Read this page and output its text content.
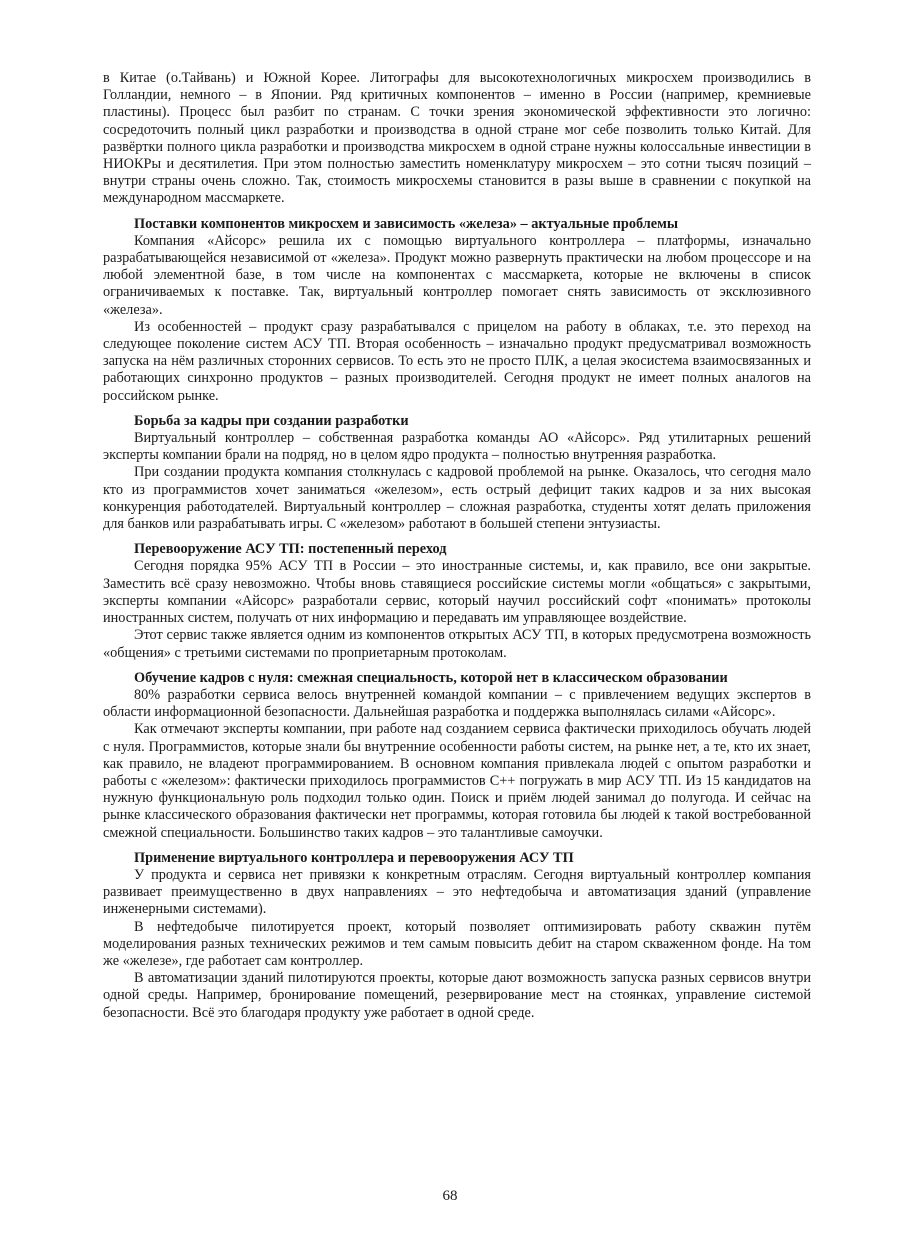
в Китае (о.Тайвань) и Южной Корее. Литографы для высокотехнологичных микросхем производились в Голландии, немного – в Японии. Ряд критичных компонентов – именно в России (например, кремниевые пластины). Процесс был разбит по странам. С точки зрения экономической эффективности это логично: сосредоточить полный цикл разработки и производства в одной стране мог себе позволить только Китай. Для развёртки полного цикла разработки и производства микросхем в одной стране нужны колоссальные инвестиции в НИОКРы и десятилетия. При этом полностью заместить номенклатуру микросхем – это сотни тысяч позиций – внутри страны очень сложно. Так, стоимость микросхемы становится в разы выше в сравнении с покупкой на международном массмаркете.

Поставки компонентов микросхем и зависимость «железа» – актуальные проблемы

Компания «Айсорс» решила их с помощью виртуального контроллера – платформы, изначально разрабатывающейся независимой от «железа». Продукт можно развернуть практически на любом процессоре и на любой элементной базе, в том числе на компонентах с массмаркета, которые не включены в список ограничиваемых к поставке. Так, виртуальный контроллер помогает снять зависимость от эксклюзивного «железа».

Из особенностей – продукт сразу разрабатывался с прицелом на работу в облаках, т.е. это переход на следующее поколение систем АСУ ТП. Вторая особенность – изначально продукт предусматривал возможность запуска на нём различных сторонних сервисов. То есть это не просто ПЛК, а целая экосистема взаимосвязанных и работающих синхронно продуктов – разных производителей. Сегодня продукт не имеет полных аналогов на российском рынке.

Борьба за кадры при создании разработки

Виртуальный контроллер – собственная разработка команды АО «Айсорс». Ряд утилитарных решений эксперты компании брали на подряд, но в целом ядро продукта – полностью внутренняя разработка.

При создании продукта компания столкнулась с кадровой проблемой на рынке. Оказалось, что сегодня мало кто из программистов хочет заниматься «железом», есть острый дефицит таких кадров и за них высокая конкуренция работодателей. Виртуальный контроллер – сложная разработка, студенты хотят делать приложения для банков или разрабатывать игры. С «железом» работают в большей степени энтузиасты.

Перевооружение АСУ ТП: постепенный переход

Сегодня порядка 95% АСУ ТП в России – это иностранные системы, и, как правило, все они закрытые. Заместить всё сразу невозможно. Чтобы вновь ставящиеся российские системы могли «общаться» с закрытыми, эксперты компании «Айсорс» разработали сервис, который научил российский софт «понимать» протоколы иностранных систем, получать от них информацию и передавать им управляющее воздействие.

Этот сервис также является одним из компонентов открытых АСУ ТП, в которых предусмотрена возможность «общения» с третьими системами по проприетарным протоколам.

Обучение кадров с нуля: смежная специальность, которой нет в классическом образовании

80% разработки сервиса велось внутренней командой компании – с привлечением ведущих экспертов в области информационной безопасности. Дальнейшая разработка и поддержка выполнялась силами «Айсорс».

Как отмечают эксперты компании, при работе над созданием сервиса фактически приходилось обучать людей с нуля. Программистов, которые знали бы внутренние особенности работы систем, на рынке нет, а те, кто их знает, как правило, не владеют программированием. В основном компания привлекала людей с опытом разработки и работы с «железом»: фактически приходилось программистов C++ погружать в мир АСУ ТП. Из 15 кандидатов на нужную функциональную роль подходил только один. Поиск и приём людей занимал до полугода. И сейчас на рынке классического образования фактически нет программы, которая готовила бы людей к такой востребованной смежной специальности. Большинство таких кадров – это талантливые самоучки.

Применение виртуального контроллера и перевооружения АСУ ТП

У продукта и сервиса нет привязки к конкретным отраслям. Сегодня виртуальный контроллер компания развивает преимущественно в двух направлениях – это нефтедобыча и автоматизация зданий (управление инженерными системами).

В нефтедобыче пилотируется проект, который позволяет оптимизировать работу скважин путём моделирования разных технических режимов и тем самым повысить дебит на старом скваженном фонде. На том же «железе», где работает сам контроллер.

В автоматизации зданий пилотируются проекты, которые дают возможность запуска разных сервисов внутри одной среды. Например, бронирование помещений, резервирование мест на стоянках, управление системой безопасности. Всё это благодаря продукту уже работает в одной среде.

68
